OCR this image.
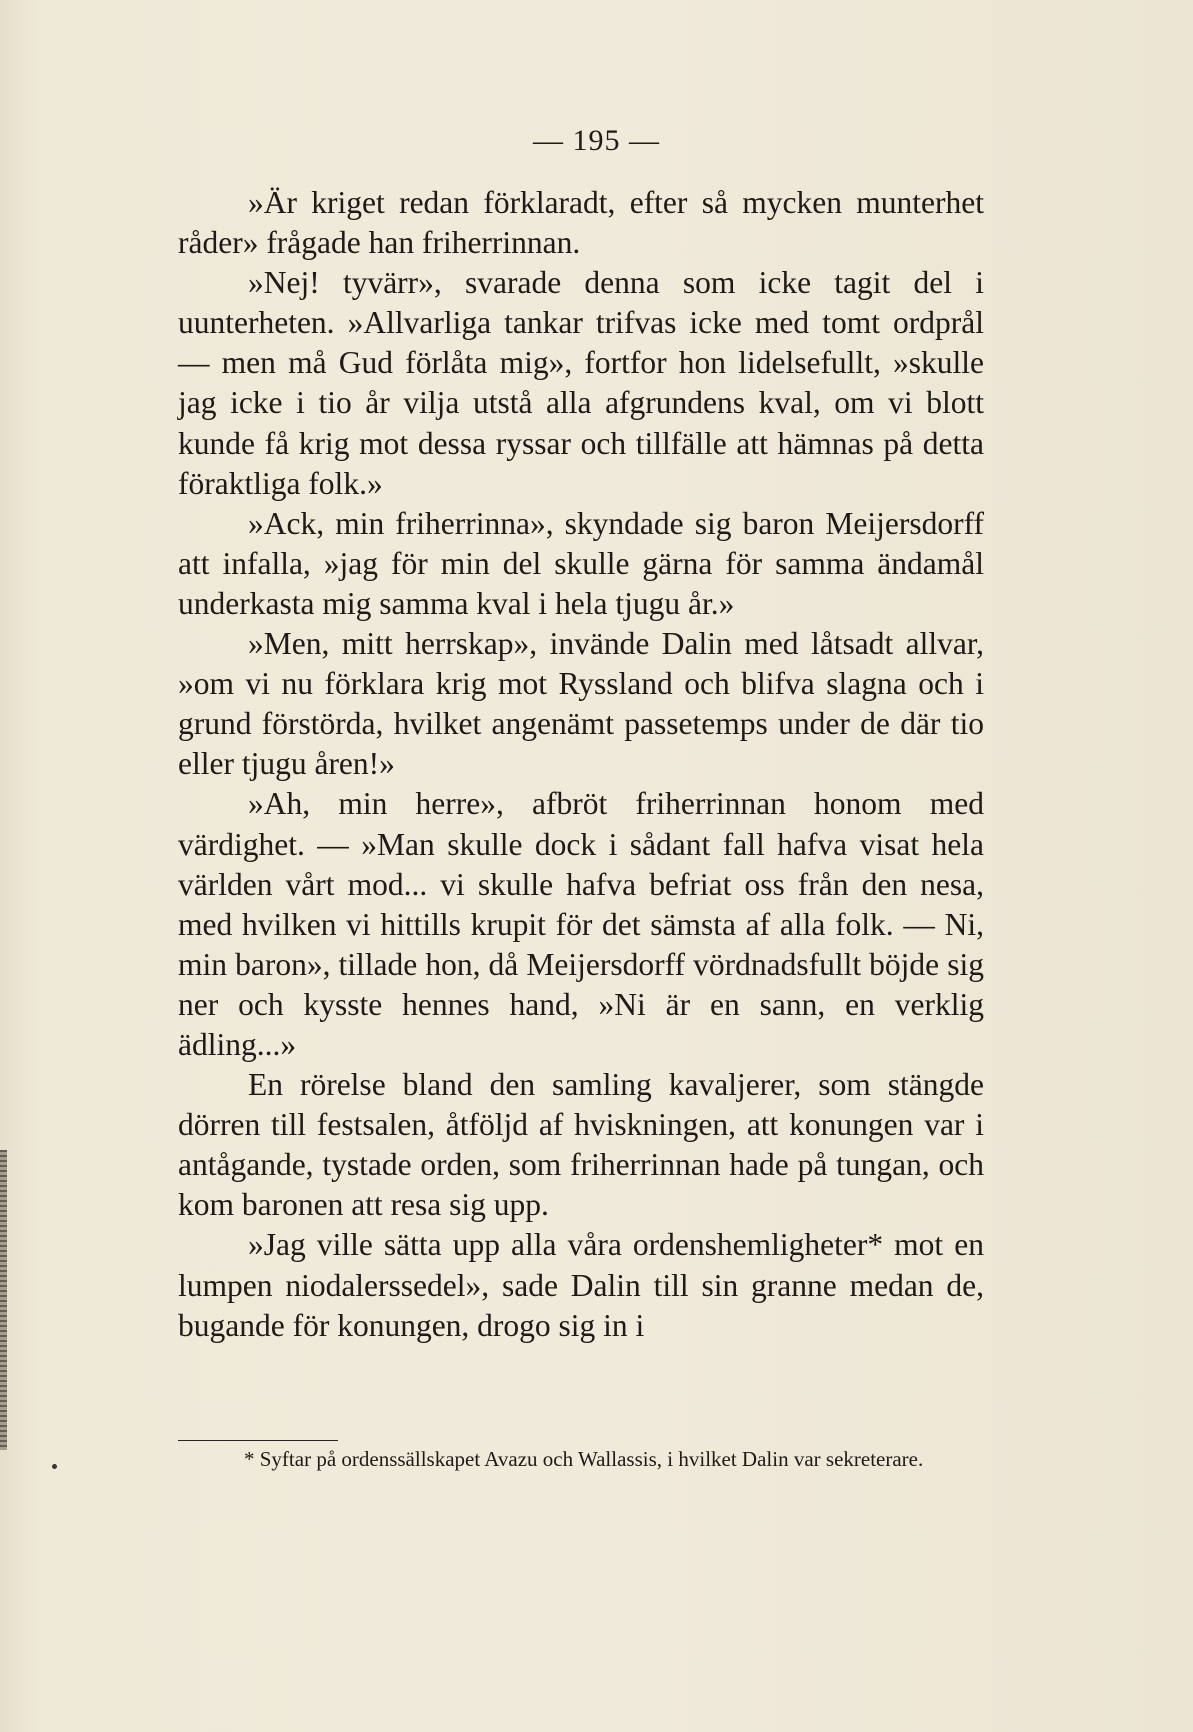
— 195 —

»Är kriget redan förklaradt, efter så mycken munterhet råder» frågade han friherrinnan.

»Nej! tyvärr», svarade denna som icke tagit del i uunterheten. »Allvarliga tankar trifvas icke med tomt ordprål — men må Gud förlåta mig», fortfor hon lidelsefullt, »skulle jag icke i tio år vilja utstå alla afgrundens kval, om vi blott kunde få krig mot dessa ryssar och tillfälle att hämnas på detta föraktliga folk.»

»Ack, min friherrinna», skyndade sig baron Meijersdorff att infalla, »jag för min del skulle gärna för samma ändamål underkasta mig samma kval i hela tjugu år.»

»Men, mitt herrskap», invände Dalin med låtsadt allvar, »om vi nu förklara krig mot Ryssland och blifva slagna och i grund förstörda, hvilket angenämt passetemps under de där tio eller tjugu åren!»

»Ah, min herre», afbröt friherrinnan honom med värdighet. — »Man skulle dock i sådant fall hafva visat hela världen vårt mod... vi skulle hafva befriat oss från den nesa, med hvilken vi hittills krupit för det sämsta af alla folk. — Ni, min baron», tillade hon, då Meijersdorff vördnadsfullt böjde sig ner och kysste hennes hand, »Ni är en sann, en verklig ädling...»

En rörelse bland den samling kavaljerer, som stängde dörren till festsalen, åtföljd af hviskningen, att konungen var i antågande, tystade orden, som friherrinnan hade på tungan, och kom baronen att resa sig upp.

»Jag ville sätta upp alla våra ordenshemligheter* mot en lumpen niodalerssedel», sade Dalin till sin granne medan de, bugande för konungen, drogo sig in i

* Syftar på ordenssällskapet Avazu och Wallassis, i hvilket Dalin var sekreterare.
